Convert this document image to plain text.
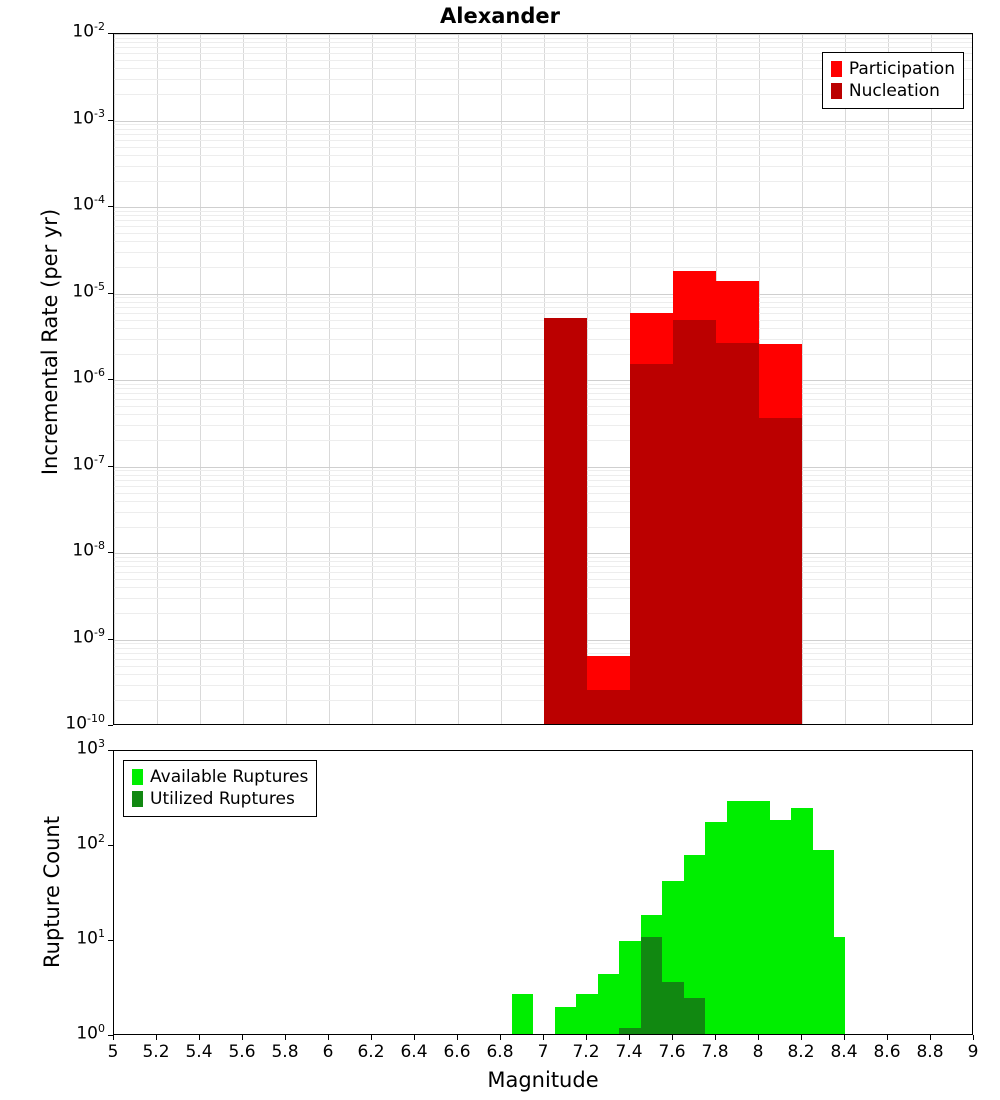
Alexander
Participation
Nucleation
Incremental Rate (per yr)
$10^{-2}$
$10^{-3}$
$10^{-4}$
$10^{-5}$
$10^{-6}$
$10^{-7}$
$10^{-8}$
$10^{-9}$
$10^{-10}$
Available Ruptures
Utilized Ruptures
Rupture Count
$10^3$
$10^2$
$10^1$
$10^0$
5	5.2 5.4 5.6 5.8	6	6.2 6.4 6.6 6.8	7	7.2 7.4 7.6 7.8	8	8.2 8.4 8.6 8.8	9
Magnitude
